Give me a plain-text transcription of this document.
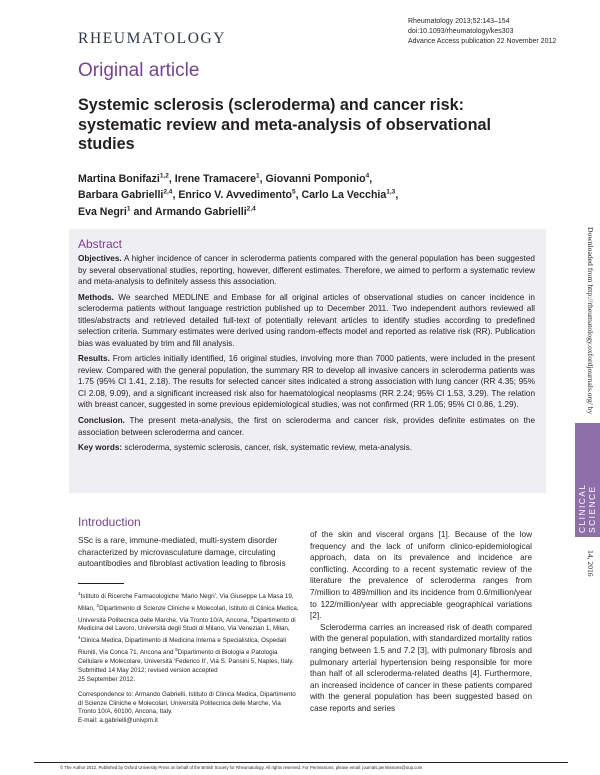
RHEUMATOLOGY
Rheumatology 2013;52:143–154
doi:10.1093/rheumatology/kes303
Advance Access publication 22 November 2012
Original article
Systemic sclerosis (scleroderma) and cancer risk: systematic review and meta-analysis of observational studies
Martina Bonifazi$^{1,2}$, Irene Tramacere$^1$, Giovanni Pomponio$^4$,
Barbara Gabrielli$^{2,4}$, Enrico V. Avvedimento$^5$, Carlo La Vecchia$^{1,3}$,
Eva Negri$^1$ and Armando Gabrielli$^{2,4}$
Abstract

Objectives. A higher incidence of cancer in scleroderma patients compared with the general population has been suggested by several observational studies, reporting, however, different estimates. Therefore, we aimed to perform a systematic review and meta-analysis to definitely assess this association.

Methods. We searched MEDLINE and Embase for all original articles of observational studies on cancer incidence in scleroderma patients without language restriction published up to December 2011. Two independent authors reviewed all titles/abstracts and retrieved detailed full-text of potentially relevant articles to identify studies according to predefined selection criteria. Summary estimates were derived using random-effects model and reported as relative risk (RR). Publication bias was evaluated by trim and fill analysis.

Results. From articles initially identified, 16 original studies, involving more than 7000 patients, were included in the present review. Compared with the general population, the summary RR to develop all invasive cancers in scleroderma patients was 1.75 (95% CI 1.41, 2.18). The results for selected cancer sites indicated a strong association with lung cancer (RR 4.35; 95% CI 2.08, 9.09), and a significant increased risk also for haematological neoplasms (RR 2.24; 95% CI 1.53, 3.29). The relation with breast cancer, suggested in some previous epidemiological studies, was not confirmed (RR 1.05; 95% CI 0.86, 1.29).

Conclusion. The present meta-analysis, the first on scleroderma and cancer risk, provides definite estimates on the association between scleroderma and cancer.

Key words: scleroderma, systemic sclerosis, cancer, risk, systematic review, meta-analysis.

Introduction

SSc is a rare, immune-mediated, multi-system disorder characterized by microvasculature damage, circulating autoantibodies and fibroblast activation leading to fibrosis

$^1$Istituto di Ricerche Farmacologiche ‘Mario Negri’, Via Giuseppe La Masa 19, Milan, $^2$Dipartimento di Scienze Cliniche e Molecolari, Istituto di Clinica Medica, Università Politecnica delle Marche, Via Tronto 10/A, Ancona, $^3$Dipartimento di Medicina del Lavoro, Università degli Studi di Milano, Via Venezian 1, Milan, $^4$Clinica Medica, Dipartimento di Medicina Interna e Specialistica, Ospedali Riuniti, Via Conca 71, Ancona and $^5$Dipartimento di Biologia e Patologia Cellulare e Molecolare, Università ‘Federico II’, Via S. Pansini 5, Naples, Italy.

Submitted 14 May 2012; revised version accepted
25 September 2012.

Correspondence to: Armando Gabrielli, Istituto di Clinica Medica, Dipartimento di Scienze Cliniche e Molecolari, Università Politecnica delle Marche, Via Tronto 10/A, 60100, Ancona, Italy.
E-mail: a.gabrielli@univpm.it

of the skin and visceral organs [1]. Because of the low frequency and the lack of uniform clinico-epidemiological approach, data on its prevalence and incidence are conflicting. According to a recent systematic review of the literature the prevalence of scleroderma ranges from 7/million to 489/million and its incidence from 0.6/million/year to 122/million/year with appreciable geographical variations [2].

Scleroderma carries an increased risk of death compared with the general population, with standardized mortality ratios ranging between 1.5 and 7.2 [3], with pulmonary fibrosis and pulmonary arterial hypertension being responsible for more than half of all scleroderma-related deaths [4]. Furthermore, an increased incidence of cancer in these patients compared with the general population has been suggested based on case reports and series

© The Author 2012. Published by Oxford University Press on behalf of the British Society for Rheumatology. All rights reserved. For Permissions, please email: journals.permissions@oup.com
Downloaded from http://rheumatology.oxfordjournals.org/ by
14, 2016
CLINICAL
SCIENCE
